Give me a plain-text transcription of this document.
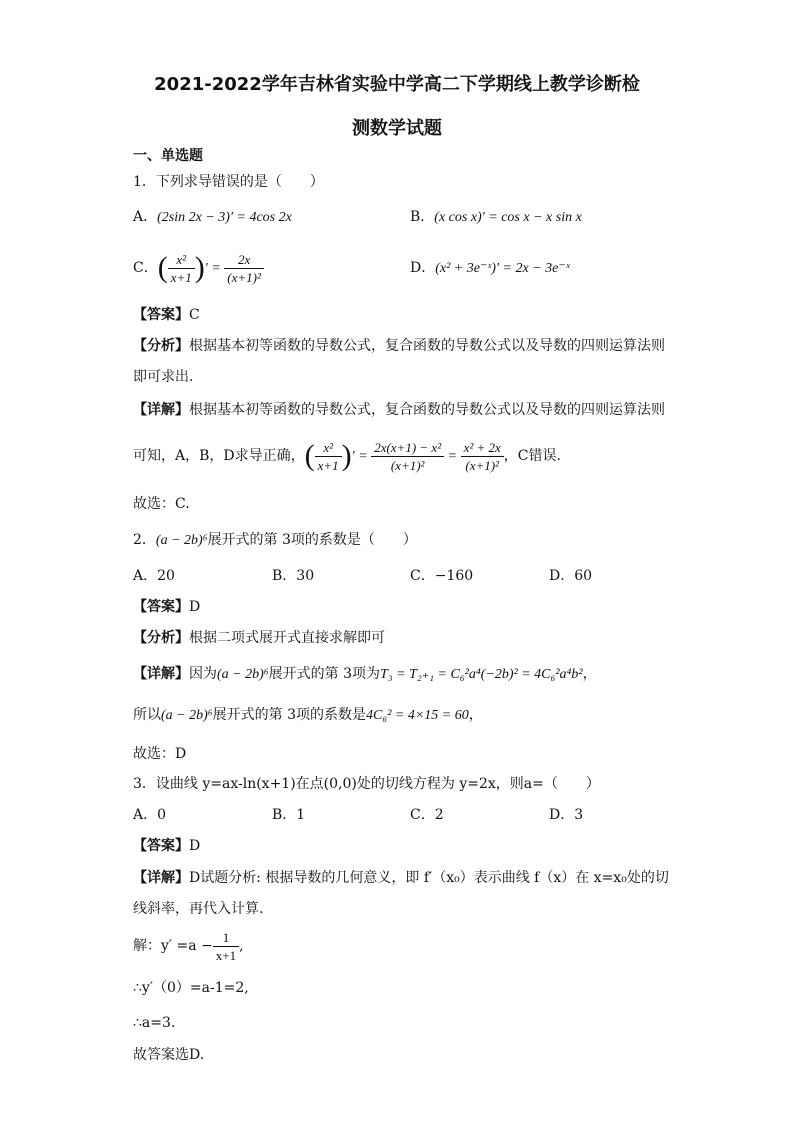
2021-2022学年吉林省实验中学高二下学期线上教学诊断检
测数学试题
一、单选题
1．下列求导错误的是（　　）
A．(2sin 2x − 3)′ = 4cos 2x	B．(x cos x)′ = cos x − x sin x
C．( $\frac{\text{x²}}{x+1}$ )′ = $\frac{2x}{\text{(x+1)²}}$	D．(x² + 3e⁻ˣ)′ = 2x − 3e⁻ˣ
【答案】C
【分析】根据基本初等函数的导数公式，复合函数的导数公式以及导数的四则运算法则
即可求出.
【详解】根据基本初等函数的导数公式，复合函数的导数公式以及导数的四则运算法则
可知，A，B，D求导正确，( $\frac{\text{x²}}{x+1}$ )′ = $\frac{\text{2x(x+1) − x²}}{\text{(x+1)²}} = \frac{\text{x² + 2x}}{\text{(x+1)²}}$ ，C错误.
故选：C.
2．(a − 2b)⁶展开式的第 3项的系数是（　　）
A．20	B．30	C．−160	D．60
【答案】D
【分析】根据二项式展开式直接求解即可
【详解】因为(a − 2b)⁶展开式的第 3项为T₃ = T₂₊₁ = C₆²a⁴(−2b)² = 4C₆²a⁴b²，
所以(a − 2b)⁶展开式的第 3项的系数是4C₆² = 4×15 = 60，
故选：D
3．设曲线 y=ax-ln(x+1)在点(0,0)处的切线方程为 y=2x，则a=（　　）
A．0	B．1	C．2	D．3
【答案】D
【详解】D试题分析: 根据导数的几何意义，即 f′（x₀）表示曲线 f（x）在 x=x₀处的切
线斜率，再代入计算.
解：$y' =a - \frac{1}{x+1}$ ,
∴y′（0）=a-1=2,
∴a=3.
故答案选D.
